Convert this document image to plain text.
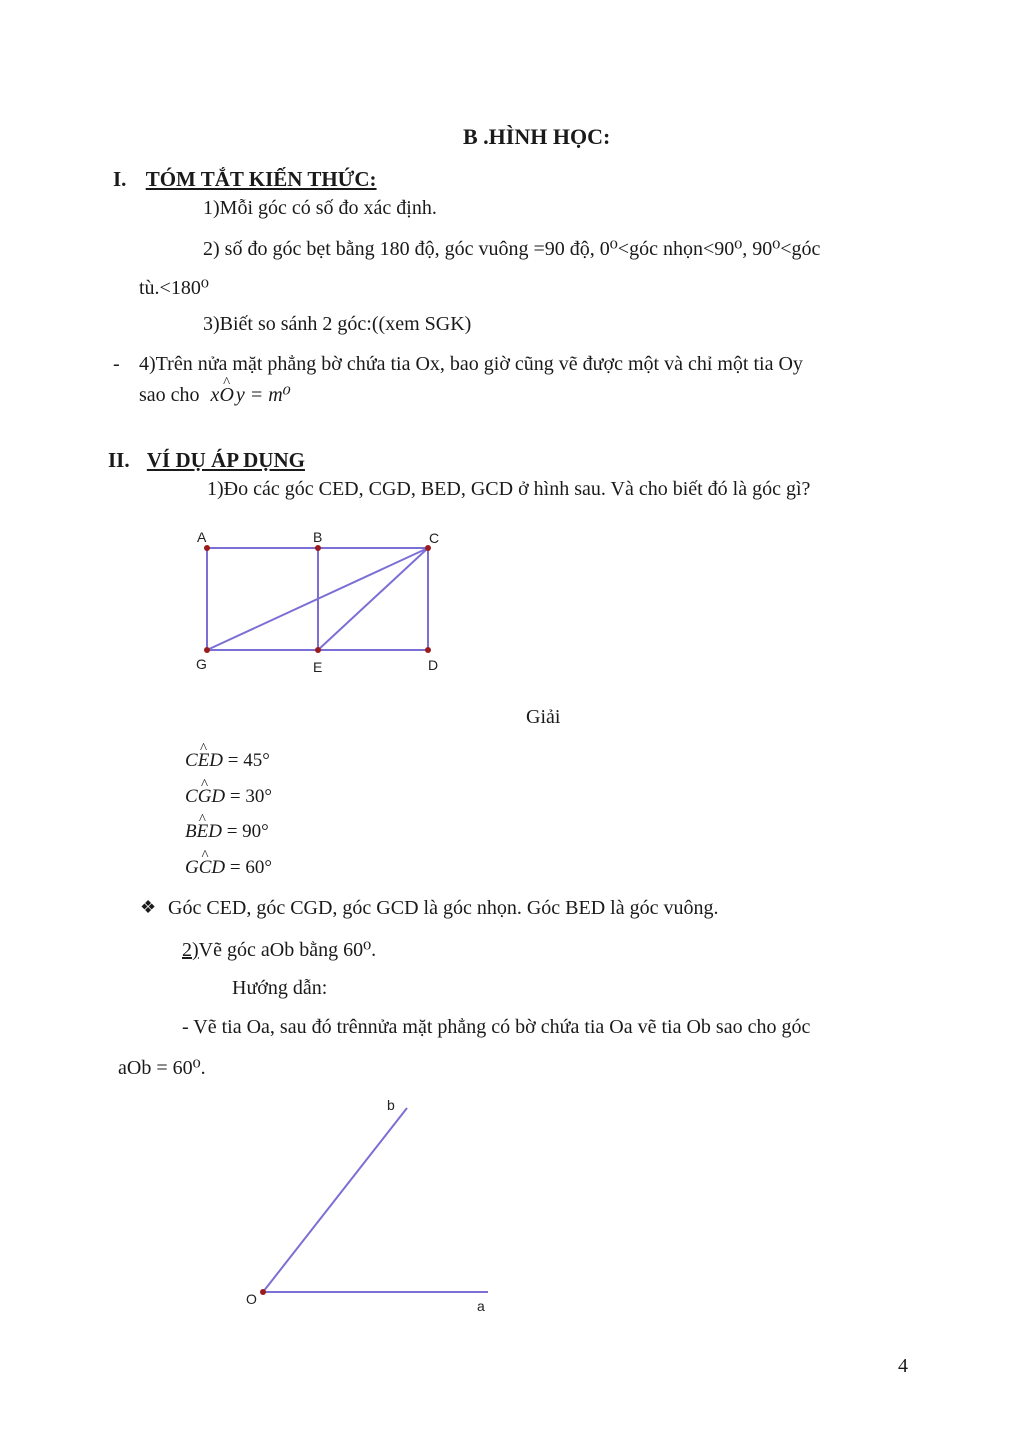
B .HÌNH HỌC:
I. TÓM TẮT KIẾN THỨC:
1)Mỗi góc có số đo xác định.
2) số đo góc bẹt bằng 180 độ, góc vuông =90 độ, 0⁰<góc nhọn<90⁰, 90⁰<góc
tù.<180⁰
3)Biết so sánh 2 góc:((xem SGK)
- 4)Trên nửa mặt phẳng bờ chứa tia Ox, bao giờ cũng vẽ được một và chỉ một tia Oy
sao cho x^ O y = m⁰
II. VÍ DỤ ÁP DỤNG
1)Đo các góc CED, CGD, BED, GCD ở hình sau. Và cho biết đó là góc gì?
A	B	C
G	E	D
Giải
C^ ED = 45°
C^ GD = 30°
B^ ED = 90°
G^ CD = 60°
❖ Góc CED, góc CGD, góc GCD là góc nhọn. Góc BED là góc vuông.
2)Vẽ góc aOb bằng 60⁰.
Hướng dẫn:
- Vẽ tia Oa, sau đó trênnửa mặt phẳng có bờ chứa tia Oa vẽ tia Ob sao cho góc
aOb = 60⁰.
O	a
b
4
